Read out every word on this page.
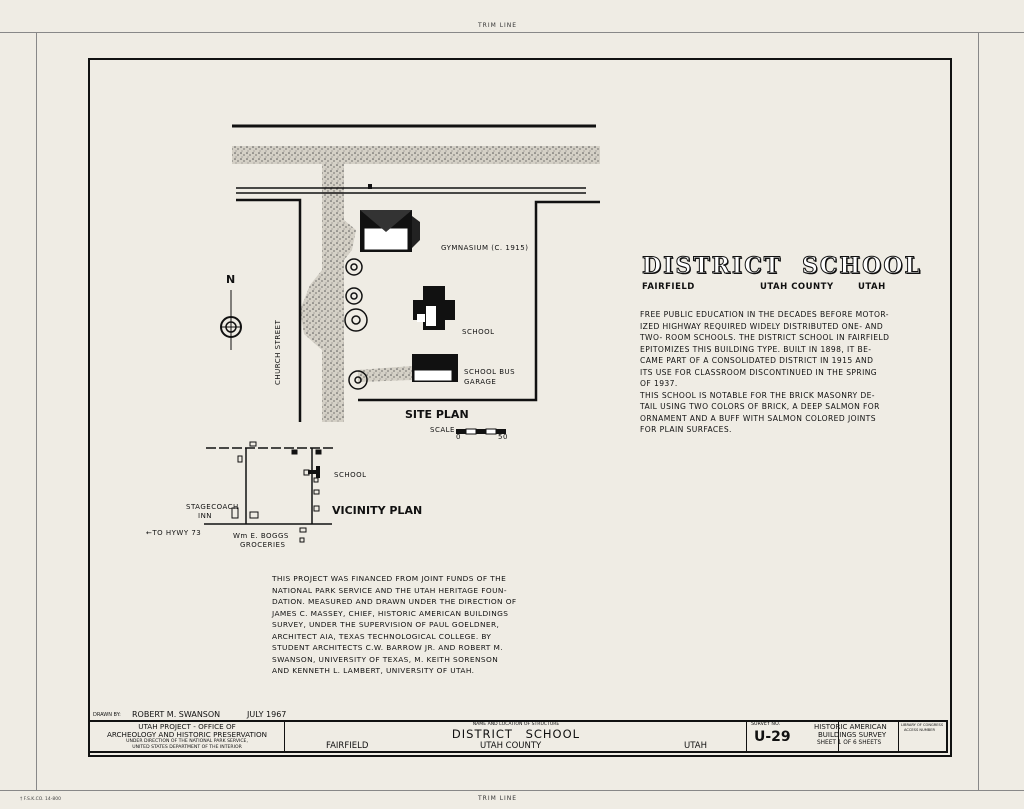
TRIM LINE
TRIM LINE
N
GYMNASIUM (C. 1915)
SCHOOL
SCHOOL BUS
GARAGE
CHURCH STREET
SITE PLAN
SCALE
0	50
SCHOOL
STAGECOACH
INN	VICINITY PLAN
←TO HYWY 73	Wm E. BOGGS
GROCERIES
DISTRICT SCHOOL
FAIRFIELD	UTAH COUNTY	UTAH
FREE PUBLIC EDUCATION IN THE DECADES BEFORE MOTOR-
IZED HIGHWAY REQUIRED WIDELY DISTRIBUTED ONE- AND
TWO- ROOM SCHOOLS. THE DISTRICT SCHOOL IN FAIRFIELD
EPITOMIZES THIS BUILDING TYPE. BUILT IN 1898, IT BE-
CAME PART OF A CONSOLIDATED DISTRICT IN 1915 AND
ITS USE FOR CLASSROOM DISCONTINUED IN THE SPRING
OF 1937.
THIS SCHOOL IS NOTABLE FOR THE BRICK MASONRY DE-
TAIL USING TWO COLORS OF BRICK, A DEEP SALMON FOR
ORNAMENT AND A BUFF WITH SALMON COLORED JOINTS
FOR PLAIN SURFACES.
THIS PROJECT WAS FINANCED FROM JOINT FUNDS OF THE
NATIONAL PARK SERVICE AND THE UTAH HERITAGE FOUN-
DATION. MEASURED AND DRAWN UNDER THE DIRECTION OF
JAMES C. MASSEY, CHIEF, HISTORIC AMERICAN BUILDINGS
SURVEY, UNDER THE SUPERVISION OF PAUL GOELDNER,
ARCHITECT AIA, TEXAS TECHNOLOGICAL COLLEGE. BY
STUDENT ARCHITECTS C.W. BARROW JR. AND ROBERT M.
SWANSON, UNIVERSITY OF TEXAS, M. KEITH SORENSON
AND KENNETH L. LAMBERT, UNIVERSITY OF UTAH.
DRAWN BY: ROBERT M. SWANSON	JULY 1967
UTAH PROJECT - OFFICE OF
ARCHEOLOGY AND HISTORIC PRESERVATION
UNDER DIRECTION OF THE NATIONAL PARK SERVICE,
UNITED STATES DEPARTMENT OF THE INTERIOR
NAME AND LOCATION OF STRUCTURE
DISTRICT SCHOOL
FAIRFIELD	UTAH COUNTY	UTAH
SURVEY NO.
U-29
HISTORIC AMERICAN
BUILDINGS SURVEY
SHEET 1 OF 6 SHEETS
LIBRARY OF CONGRESS
ACCESS NUMBER
† F.S.K.CO. 14-800
